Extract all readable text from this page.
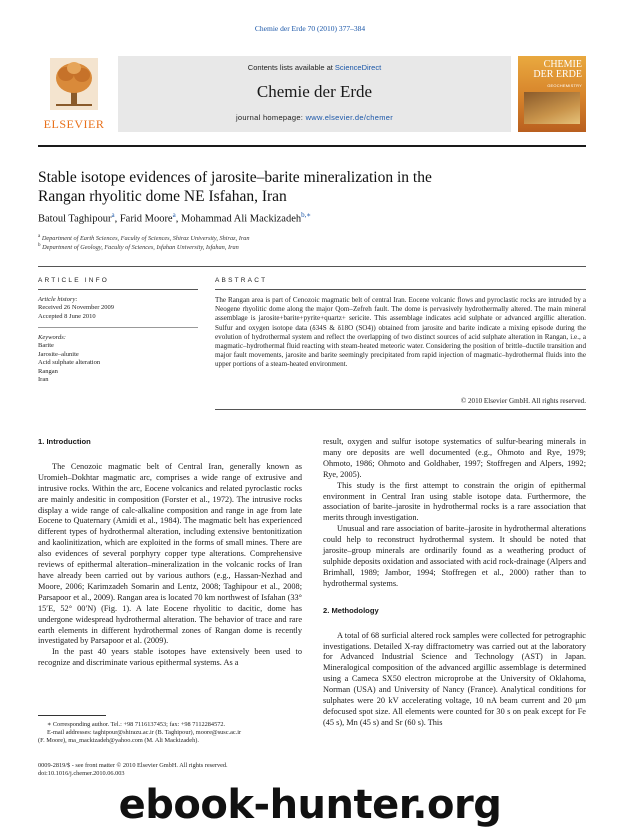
Chemie der Erde 70 (2010) 377–384
ELSEVIER
Contents lists available at ScienceDirect
Chemie der Erde
journal homepage: www.elsevier.de/chemer
CHEMIE
DER ERDE
GEOCHEMISTRY
Stable isotope evidences of jarosite–barite mineralization in the
Rangan rhyolitic dome NE Isfahan, Iran
Batoul Taghipour$^a$, Farid Moore$^a$, Mohammad Ali Mackizadeh$^{b,∗}$
$^a$ Department of Earth Sciences, Faculty of Sciences, Shiraz University, Shiraz, Iran
$^b$ Department of Geology, Faculty of Sciences, Isfahan University, Isfahan, Iran
ARTICLE INFO	ABSTRACT
Article history:
Received 26 November 2009
Accepted 8 June 2010
Keywords:
Barite
Jarosite–alunite
Acid sulphate alteration
Rangan
Iran
The Rangan area is part of Cenozoic magmatic belt of central Iran. Eocene volcanic flows and pyroclastic rocks are intruded by a Neogene rhyolitic dome along the major Qom–Zefreh fault. The dome is pervasively hydrothermally altered. The main mineral assemblage is jarosite+barite+pyrite+quartz+ sericite. This assemblage indicates acid sulphate or advanced argillic alteration. Sulfur and oxygen isotope data (δ34S & δ18O (SO4)) obtained from jarosite and barite indicate a mixing episode during the evolution of hydrothermal system and reflect the overlapping of two distinct sources of acid sulphate alteration in Rangan, i.e., a magmatic–hydrothermal fluid reacting with steam-heated meteoric water. Considering the position of brittle–ductile transition and major fault movements, jarosite and barite seemingly precipitated from rapid injection of magmatic–hydrothermal fluids into the upper portions of a steam-heated environment.
© 2010 Elsevier GmbH. All rights reserved.
1. Introduction

The Cenozoic magmatic belt of Central Iran, generally known as Uromieh–Dokhtar magmatic arc, comprises a wide range of extrusive and intrusive rocks. Within the arc, Eocene volcanics and related pyroclastic rocks are mainly andesitic in composition (Forster et al., 1972). The intrusive rocks display a wide range of calc-alkaline composition and range in age from late Eocene to Quaternary (Amidi et al., 1984). The magmatic belt has experienced different types of hydrothermal alteration, including extensive bentonitization and kaolinitization, which are exploited in the forms of small mines. There are also evidences of several porphyry copper type alterations. Comprehensive reviews of epithermal alteration–mineralization in the volcanic rocks of Iran have already been carried out by various authors (e.g., Hassan-Nezhad and Moore, 2006; Karimzadeh Somarin and Lentz, 2008; Taghipour et al., 2008; Parsapoor et al., 2009). Rangan area is located 70 km northwest of Isfahan (33° 15′E, 52° 00′N) (Fig. 1). A late Eocene rhyolitic to dacitic, dome has undergone widespread hydrothermal alteration. The behavior of trace and rare earth elements in different hydrothermal zones of Rangan dome is recently investigated by Parsapoor et al. (2009).

In the past 40 years stable isotopes have extensively been used to recognize and discriminate various epithermal systems. As a

result, oxygen and sulfur isotope systematics of sulfur-bearing minerals in many ore deposits are well documented (e.g., Ohmoto and Rye, 1979; Ohmoto, 1986; Ohmoto and Goldhaber, 1997; Stoffregen and Alpers, 1992; Rye, 2005).

This study is the first attempt to constrain the origin of epithermal environment in Central Iran using stable isotope data. Furthermore, the association of barite–jarosite in hydrothermal rocks is a rare association that merits through investigation.

Unusual and rare association of barite–jarosite in hydrothermal alterations could help to reconstruct hydrothermal system. It should be noted that jarosite–group minerals are ordinarily found as a weathering product of sulphide deposits oxidation and associated with acid rock-drainage (Alpers and Brimhall, 1989; Jambor, 1994; Stoffregen et al., 2000) rather than to hydrothermal systems.

2. Methodology

A total of 68 surficial altered rock samples were collected for petrographic investigations. Detailed X-ray diffractometry was carried out at the laboratory for Advanced Industrial Science and Technology (AST) in Japan. Mineralogical composition of the advanced argillic assemblage is determined using a Cameca SX50 electron microprobe at the University of Oklahoma, Norman (USA) and University of Nancy (France). Analytical conditions for sulphates were 20 kV accelerating voltage, 10 nA beam current and 20 μm defocused spot size. All elements were counted for 30 s on peak except for Fe (45 s), Mn (45 s) and Sr (60 s). This

∗ Corresponding author. Tel.: +98 7116137453; fax: +98 7112284572.
E-mail addresses: taghipour@shirazu.ac.ir (B. Taghipour), moore@susc.ac.ir
(F. Moore), ma_mackizadeh@yahoo.com (M. Ali Mackizadeh).
0009-2819/$ - see front matter © 2010 Elsevier GmbH. All rights reserved.
doi:10.1016/j.chemer.2010.06.003
ebook-hunter.org
